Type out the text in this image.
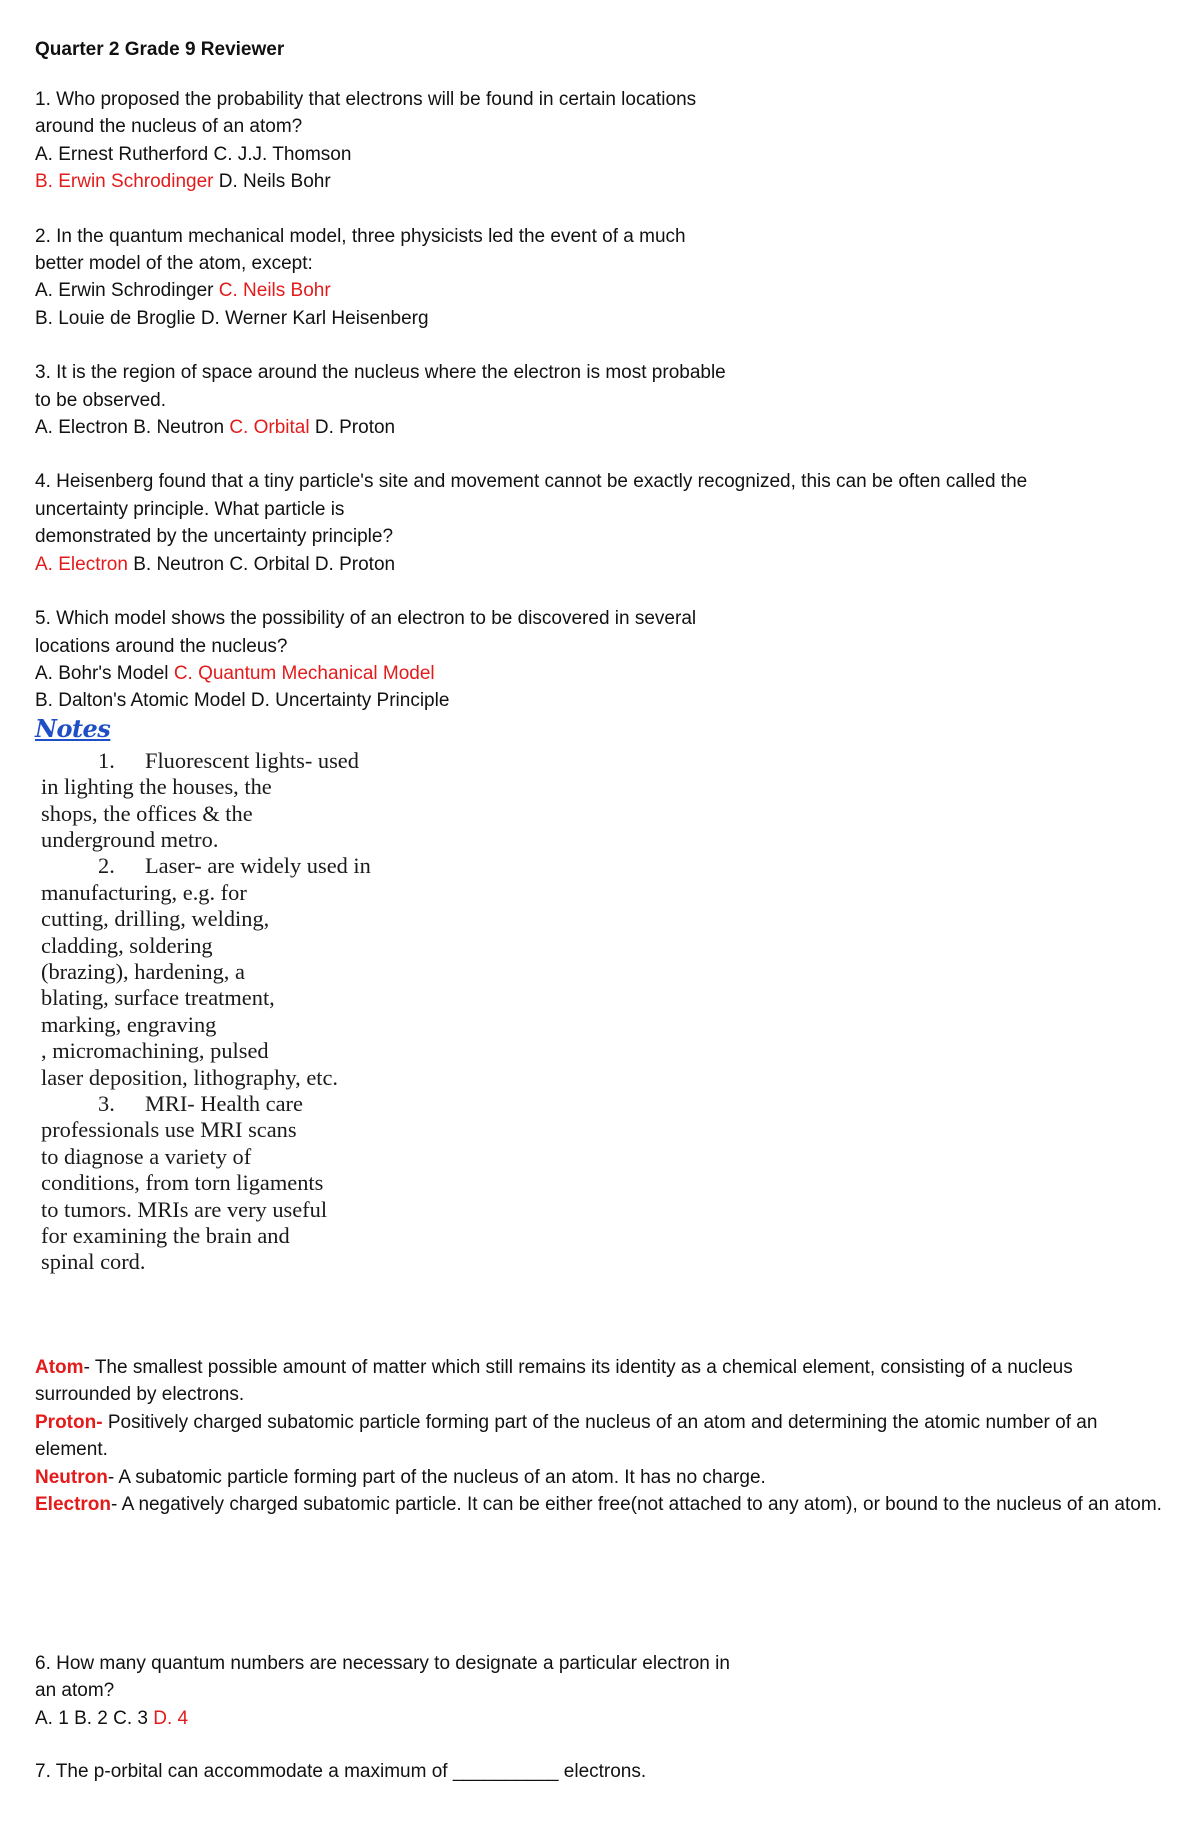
Quarter 2 Grade 9 Reviewer
1. Who proposed the probability that electrons will be found in certain locations
around the nucleus of an atom?
A. Ernest Rutherford C. J.J. Thomson
B. Erwin Schrodinger D. Neils Bohr
2. In the quantum mechanical model, three physicists led the event of a much
better model of the atom, except:
A. Erwin Schrodinger C. Neils Bohr
B. Louie de Broglie D. Werner Karl Heisenberg
3. It is the region of space around the nucleus where the electron is most probable
to be observed.
A. Electron B. Neutron C. Orbital D. Proton
4. Heisenberg found that a tiny particle's site and movement cannot be exactly recognized, this can be often called the
uncertainty principle. What particle is
demonstrated by the uncertainty principle?
A. Electron B. Neutron C. Orbital D. Proton
5. Which model shows the possibility of an electron to be discovered in several
locations around the nucleus?
A. Bohr's Model C. Quantum Mechanical Model
B. Dalton's Atomic Model D. Uncertainty Principle
Notes
1. Fluorescent lights- used
in lighting the houses, the
shops, the offices & the
underground metro.
2. Laser- are widely used in
manufacturing, e.g. for
cutting, drilling, welding,
cladding, soldering
(brazing), hardening, a
blating, surface treatment,
marking, engraving
, micromachining, pulsed
laser deposition, lithography, etc.
3. MRI- Health care
professionals use MRI scans
to diagnose a variety of
conditions, from torn ligaments
to tumors. MRIs are very useful
for examining the brain and
spinal cord.
Atom- The smallest possible amount of matter which still remains its identity as a chemical element, consisting of a nucleus surrounded by electrons.
Proton- Positively charged subatomic particle forming part of the nucleus of an atom and determining the atomic number of an element.
Neutron- A subatomic particle forming part of the nucleus of an atom. It has no charge.
Electron- A negatively charged subatomic particle. It can be either free(not attached to any atom), or bound to the nucleus of an atom.
6. How many quantum numbers are necessary to designate a particular electron in
an atom?
A. 1 B. 2 C. 3 D. 4
7. The p-orbital can accommodate a maximum of __________ electrons.
